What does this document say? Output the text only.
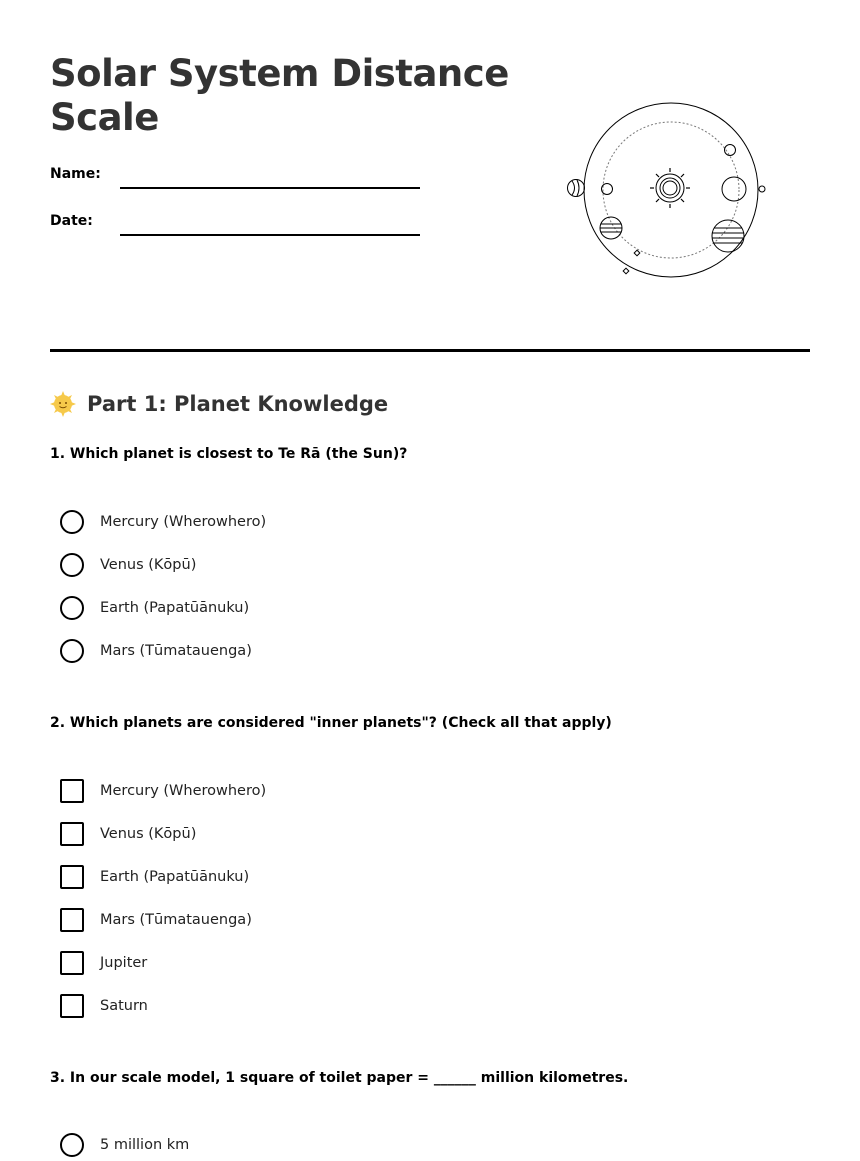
Solar System Distance Scale
Name:
Date:
Part 1: Planet Knowledge

1. Which planet is closest to Te Rā (the Sun)?

Mercury (Wherowhero)
Venus (Kōpū)
Earth (Papatūānuku)
Mars (Tūmatauenga)

2. Which planets are considered "inner planets"? (Check all that apply)

Mercury (Wherowhero)
Venus (Kōpū)
Earth (Papatūānuku)
Mars (Tūmatauenga)
Jupiter
Saturn

3. In our scale model, 1 square of toilet paper = ______ million kilometres.

5 million km
